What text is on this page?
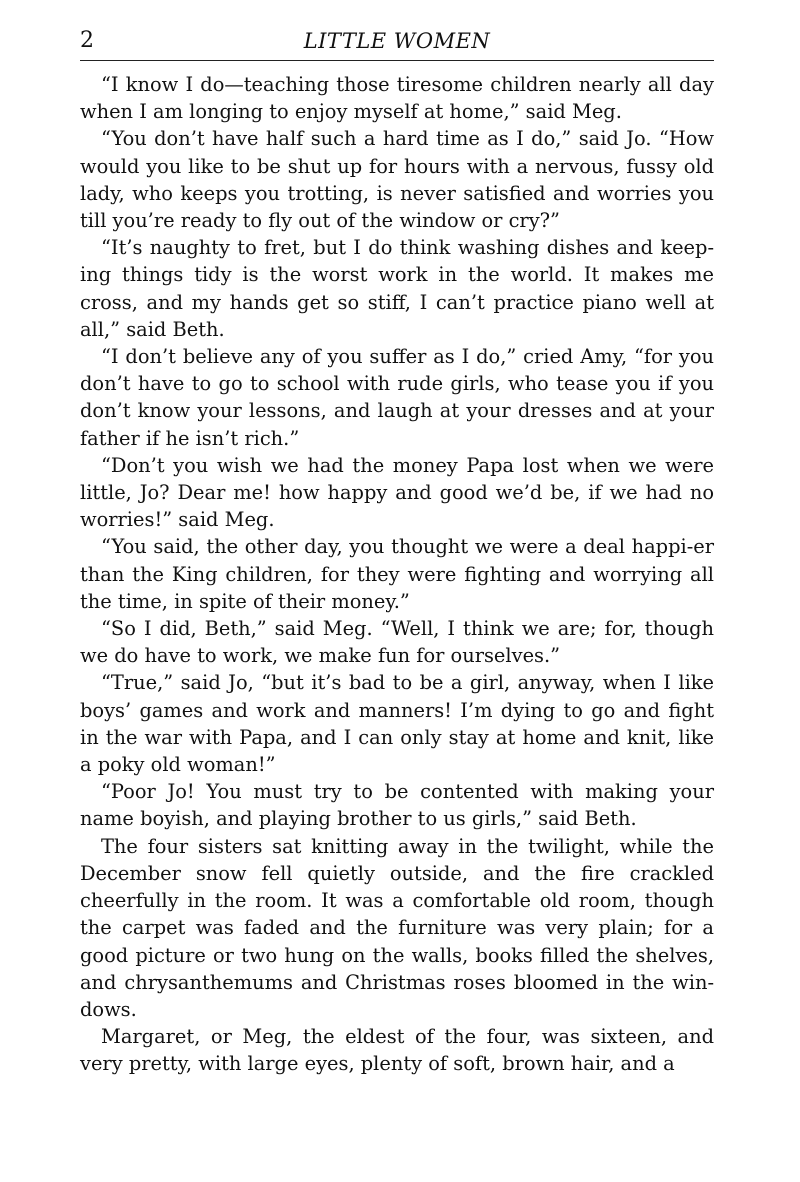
2	LITTLE WOMEN

“I know I do—teaching those tiresome children nearly all day when I am longing to enjoy myself at home,” said Meg.

“You don’t have half such a hard time as I do,” said Jo. “How would you like to be shut up for hours with a nervous, fussy old lady, who keeps you trotting, is never satisfied and worries you till you’re ready to fly out of the window or cry?”

“It’s naughty to fret, but I do think washing dishes and keep-ing things tidy is the worst work in the world. It makes me cross, and my hands get so stiff, I can’t practice piano well at all,” said Beth.

“I don’t believe any of you suffer as I do,” cried Amy, “for you don’t have to go to school with rude girls, who tease you if you don’t know your lessons, and laugh at your dresses and at your father if he isn’t rich.”

“Don’t you wish we had the money Papa lost when we were little, Jo? Dear me! how happy and good we’d be, if we had no worries!” said Meg.

“You said, the other day, you thought we were a deal happi-er than the King children, for they were fighting and worrying all the time, in spite of their money.”

“So I did, Beth,” said Meg. “Well, I think we are; for, though we do have to work, we make fun for ourselves.”

“True,” said Jo, “but it’s bad to be a girl, anyway, when I like boys’ games and work and manners! I’m dying to go and fight in the war with Papa, and I can only stay at home and knit, like a poky old woman!”

“Poor Jo! You must try to be contented with making your name boyish, and playing brother to us girls,” said Beth.

The four sisters sat knitting away in the twilight, while the December snow fell quietly outside, and the fire crackled cheerfully in the room. It was a comfortable old room, though the carpet was faded and the furniture was very plain; for a good picture or two hung on the walls, books filled the shelves, and chrysanthemums and Christmas roses bloomed in the win-dows.

Margaret, or Meg, the eldest of the four, was sixteen, and very pretty, with large eyes, plenty of soft, brown hair, and a
